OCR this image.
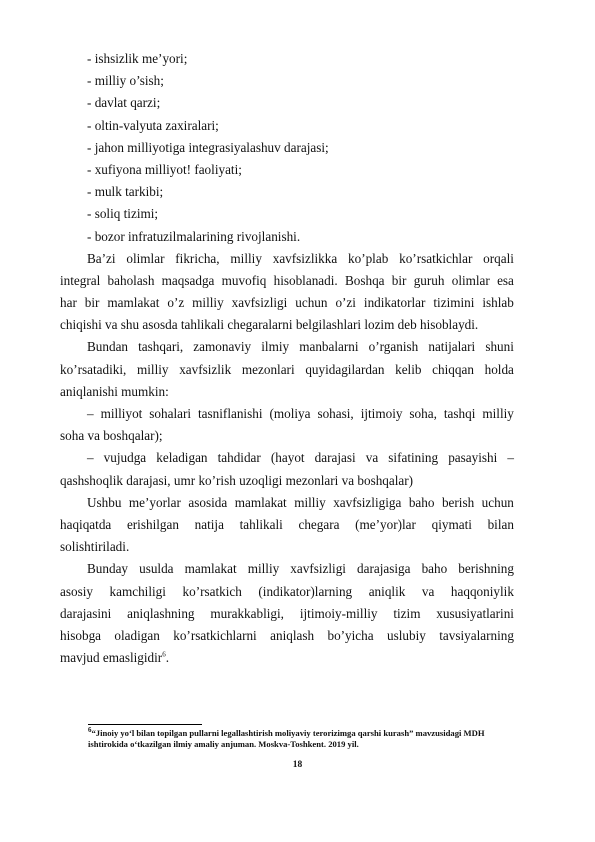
- ishsizlik me’yori;
- milliy o’sish;
- davlat qarzi;
- oltin-valyuta zaxiralari;
- jahon milliyotiga integrasiyalashuv darajasi;
- xufiyona milliyot! faoliyati;
- mulk tarkibi;
- soliq tizimi;
- bozor infratuzilmalarining rivojlanishi.
Ba’zi olimlar fikricha, milliy xavfsizlikka ko’plab ko’rsatkichlar orqali
integral baholash maqsadga muvofiq hisoblanadi. Boshqa bir guruh olimlar esa
har bir mamlakat o’z milliy xavfsizligi uchun o’zi indikatorlar tizimini ishlab
chiqishi va shu asosda tahlikali chegaralarni belgilashlari lozim deb hisoblaydi.
Bundan tashqari, zamonaviy ilmiy manbalarni o’rganish natijalari shuni
ko’rsatadiki, milliy xavfsizlik mezonlari quyidagilardan kelib chiqqan holda
aniqlanishi mumkin:
– milliyot sohalari tasniflanishi (moliya sohasi, ijtimoiy soha, tashqi milliy
soha va boshqalar);
– vujudga keladigan tahdidar (hayot darajasi va sifatining pasayishi –
qashshoqlik darajasi, umr ko’rish uzoqligi mezonlari va boshqalar)
Ushbu me’yorlar asosida mamlakat milliy xavfsizligiga baho berish uchun
haqiqatda erishilgan natija tahlikali chegara (me’yor)lar qiymati bilan
solishtiriladi.
Bunday usulda mamlakat milliy xavfsizligi darajasiga baho berishning
asosiy kamchiligi ko’rsatkich (indikator)larning aniqlik va haqqoniylik
darajasini aniqlashning murakkabligi, ijtimoiy-milliy tizim xususiyatlarini
hisobga oladigan ko’rsatkichlarni aniqlash bo’yicha uslubiy tavsiyalarning
mavjud emasligidir$^6$.
$^6$“Jinoiy yo‘l bilan topilgan pullarni legallashtirish moliyaviy terorizimga qarshi kurash” mavzusidagi MDH ishtirokida o‘tkazilgan ilmiy amaliy anjuman. Moskva-Toshkent. 2019 yil.
18
